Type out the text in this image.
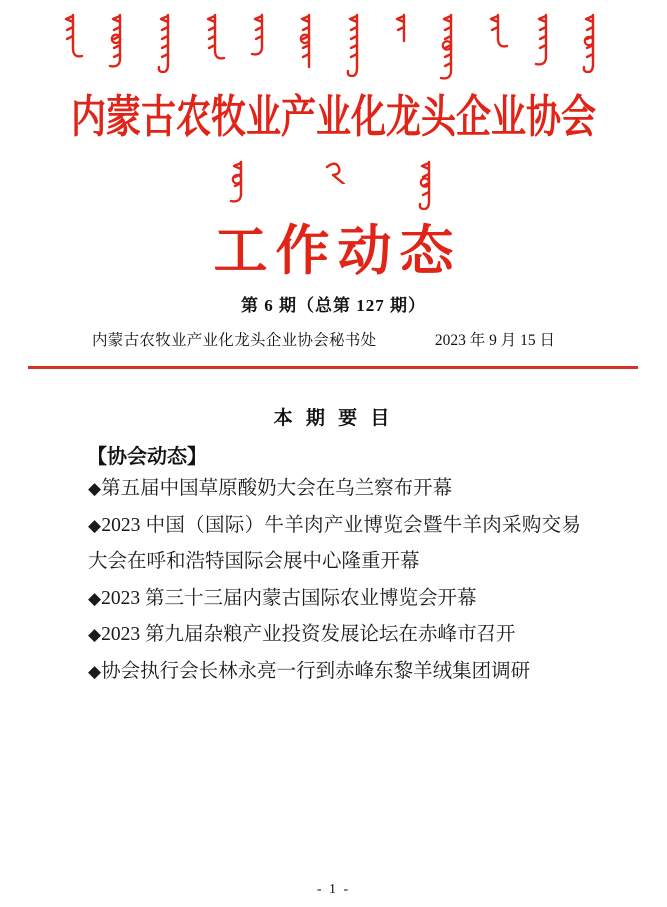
内蒙古农牧业产业化龙头企业协会
工作动态
第 6 期（总第 127 期）
内蒙古农牧业产业化龙头企业协会秘书处	2023 年 9 月 15 日
本 期 要 目
【协会动态】
◆第五届中国草原酸奶大会在乌兰察布开幕
◆2023 中国（国际）牛羊肉产业博览会暨牛羊肉采购交易大会在呼和浩特国际会展中心隆重开幕
◆2023 第三十三届内蒙古国际农业博览会开幕
◆2023 第九届杂粮产业投资发展论坛在赤峰市召开
◆协会执行会长林永亮一行到赤峰东黎羊绒集团调研
- 1 -
